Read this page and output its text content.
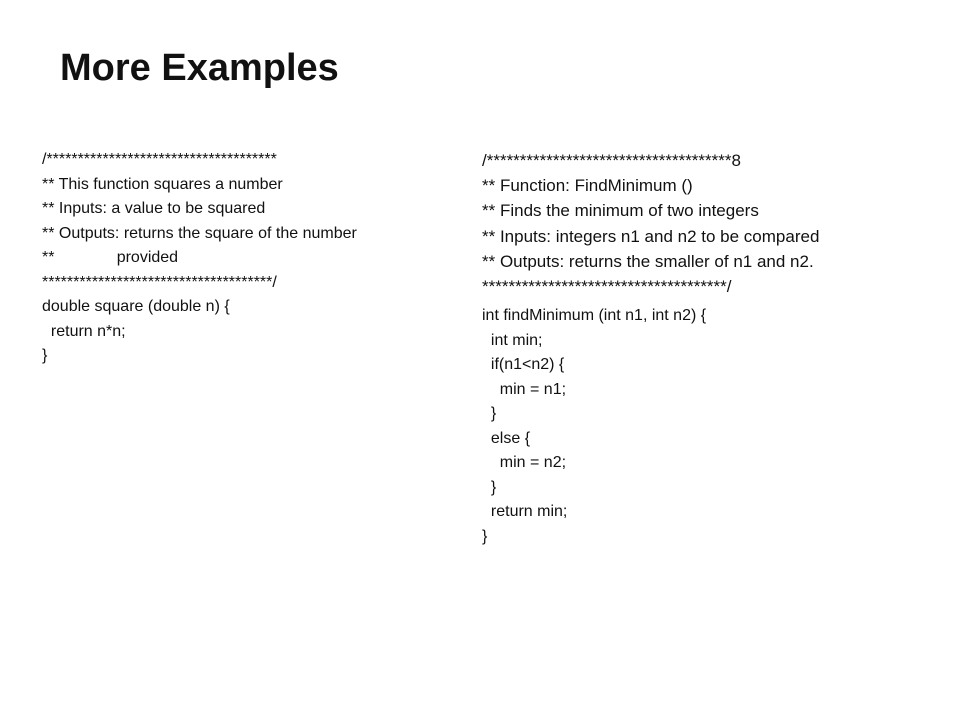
More Examples
/*************************************
** This function squares a number
** Inputs: a value to be squared
** Outputs: returns the square of the number
**              provided
*************************************/
double square (double n) {
return n*n;
}
/*************************************8
** Function: FindMinimum ()
** Finds the minimum of two integers
** Inputs: integers n1 and n2 to be compared
** Outputs: returns the smaller of n1 and n2.
*************************************/
int findMinimum (int n1, int n2) {
int min;
if(n1<n2) {
min = n1;
}
else {
min = n2;
}
return min;
}
